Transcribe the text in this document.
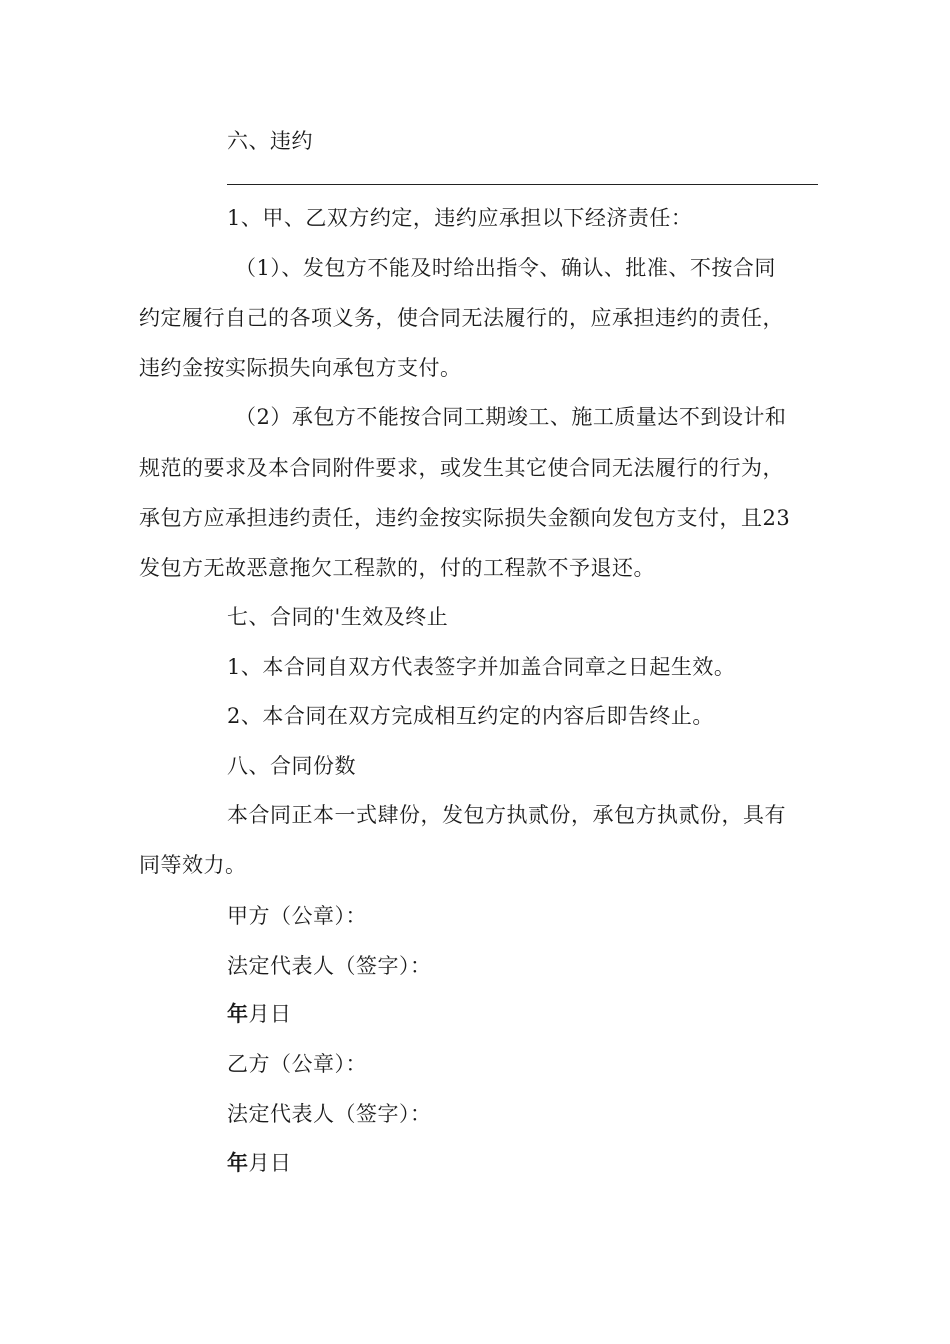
六、违约
1、甲、乙双方约定，违约应承担以下经济责任：
（1）、发包方不能及时给出指令、确认、批准、不按合同
约定履行自己的各项义务，使合同无法履行的，应承担违约的责任，
违约金按实际损失向承包方支付。
（2）承包方不能按合同工期竣工、施工质量达不到设计和
规范的要求及本合同附件要求，或发生其它使合同无法履行的行为，
承包方应承担违约责任，违约金按实际损失金额向发包方支付，且23
发包方无故恶意拖欠工程款的，付的工程款不予退还。
七、合同的'生效及终止
1、本合同自双方代表签字并加盖合同章之日起生效。
2、本合同在双方完成相互约定的内容后即告终止。
八、合同份数
本合同正本一式肆份，发包方执贰份，承包方执贰份，具有
同等效力。
甲方（公章）：
法定代表人（签字）：
年月日
乙方（公章）：
法定代表人（签字）：
年月日
